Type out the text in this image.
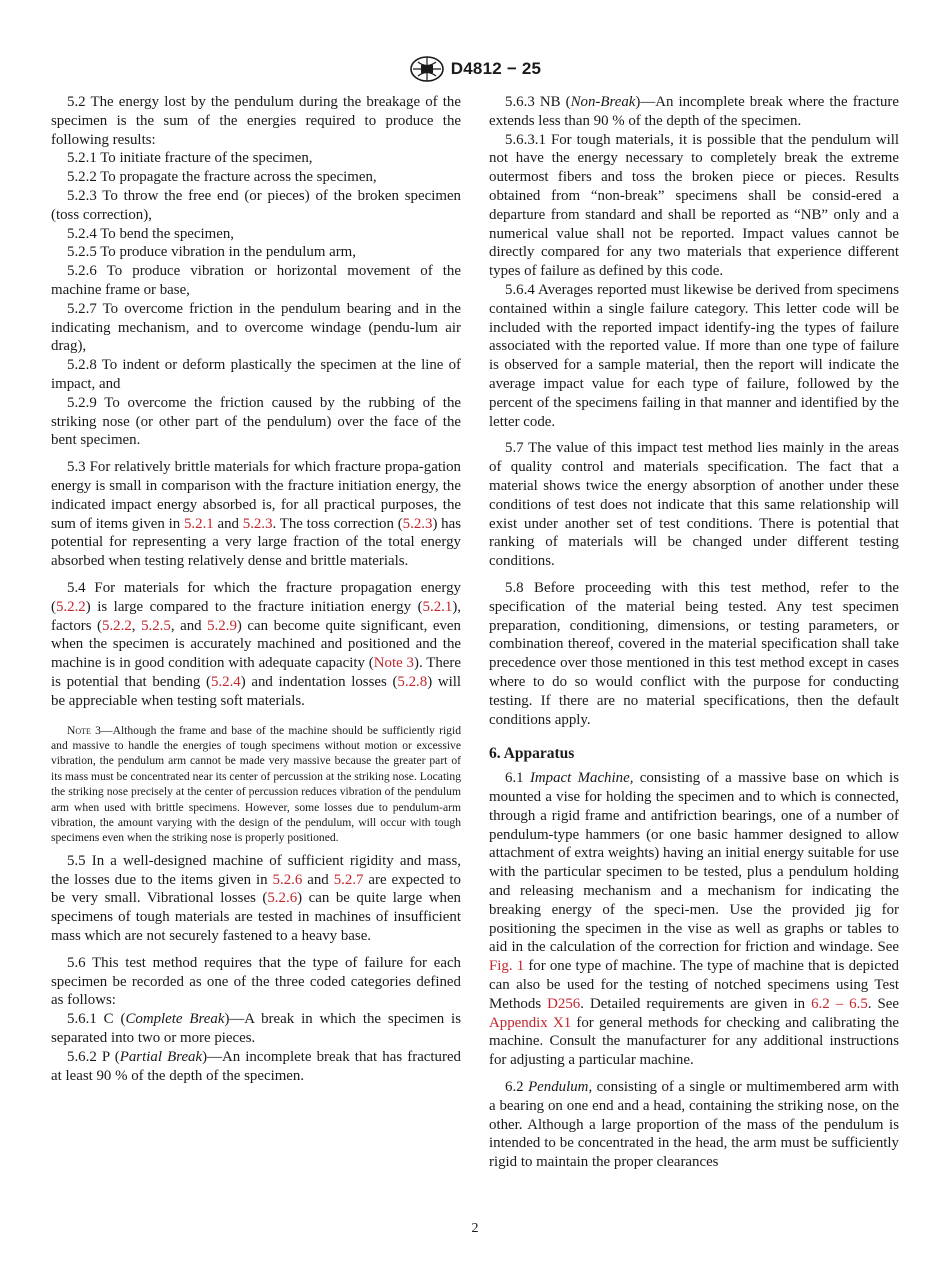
D4812 − 25

5.2 The energy lost by the pendulum during the breakage of the specimen is the sum of the energies required to produce the following results:

5.2.1 To initiate fracture of the specimen,

5.2.2 To propagate the fracture across the specimen,

5.2.3 To throw the free end (or pieces) of the broken specimen (toss correction),

5.2.4 To bend the specimen,

5.2.5 To produce vibration in the pendulum arm,

5.2.6 To produce vibration or horizontal movement of the machine frame or base,

5.2.7 To overcome friction in the pendulum bearing and in the indicating mechanism, and to overcome windage (pendu-lum air drag),

5.2.8 To indent or deform plastically the specimen at the line of impact, and

5.2.9 To overcome the friction caused by the rubbing of the striking nose (or other part of the pendulum) over the face of the bent specimen.

5.3 For relatively brittle materials for which fracture propa-gation energy is small in comparison with the fracture initiation energy, the indicated impact energy absorbed is, for all practical purposes, the sum of items given in 5.2.1 and 5.2.3. The toss correction (5.2.3) has potential for representing a very large fraction of the total energy absorbed when testing relatively dense and brittle materials.

5.4 For materials for which the fracture propagation energy (5.2.2) is large compared to the fracture initiation energy (5.2.1), factors (5.2.2, 5.2.5, and 5.2.9) can become quite significant, even when the specimen is accurately machined and positioned and the machine is in good condition with adequate capacity (Note 3). There is potential that bending (5.2.4) and indentation losses (5.2.8) will be appreciable when testing soft materials.

Note 3—Although the frame and base of the machine should be sufficiently rigid and massive to handle the energies of tough specimens without motion or excessive vibration, the pendulum arm cannot be made very massive because the greater part of its mass must be concentrated near its center of percussion at the striking nose. Locating the striking nose precisely at the center of percussion reduces vibration of the pendulum arm when used with brittle specimens. However, some losses due to pendulum-arm vibration, the amount varying with the design of the pendulum, will occur with tough specimens even when the striking nose is properly positioned.

5.5 In a well-designed machine of sufficient rigidity and mass, the losses due to the items given in 5.2.6 and 5.2.7 are expected to be very small. Vibrational losses (5.2.6) can be quite large when specimens of tough materials are tested in machines of insufficient mass which are not securely fastened to a heavy base.

5.6 This test method requires that the type of failure for each specimen be recorded as one of the three coded categories defined as follows:

5.6.1 C (Complete Break)—A break in which the specimen is separated into two or more pieces.

5.6.2 P (Partial Break)—An incomplete break that has fractured at least 90 % of the depth of the specimen.

5.6.3 NB (Non-Break)—An incomplete break where the fracture extends less than 90 % of the depth of the specimen.

5.6.3.1 For tough materials, it is possible that the pendulum will not have the energy necessary to completely break the extreme outermost fibers and toss the broken piece or pieces. Results obtained from “non-break” specimens shall be consid-ered a departure from standard and shall be reported as “NB” only and a numerical value shall not be reported. Impact values cannot be directly compared for any two materials that experience different types of failure as defined by this code.

5.6.4 Averages reported must likewise be derived from specimens contained within a single failure category. This letter code will be included with the reported impact identify-ing the types of failure associated with the reported value. If more than one type of failure is observed for a sample material, then the report will indicate the average impact value for each type of failure, followed by the percent of the specimens failing in that manner and identified by the letter code.

5.7 The value of this impact test method lies mainly in the areas of quality control and materials specification. The fact that a material shows twice the energy absorption of another under these conditions of test does not indicate that this same relationship will exist under another set of test conditions. There is potential that ranking of materials will be changed under different testing conditions.

5.8 Before proceeding with this test method, refer to the specification of the material being tested. Any test specimen preparation, conditioning, dimensions, or testing parameters, or combination thereof, covered in the material specification shall take precedence over those mentioned in this test method except in cases where to do so would conflict with the purpose for conducting testing. If there are no material specifications, then the default conditions apply.

6. Apparatus

6.1 Impact Machine, consisting of a massive base on which is mounted a vise for holding the specimen and to which is connected, through a rigid frame and antifriction bearings, one of a number of pendulum-type hammers (or one basic hammer designed to allow attachment of extra weights) having an initial energy suitable for use with the particular specimen to be tested, plus a pendulum holding and releasing mechanism and a mechanism for indicating the breaking energy of the speci-men. Use the provided jig for positioning the specimen in the vise as well as graphs or tables to aid in the calculation of the correction for friction and windage. See Fig. 1 for one type of machine. The type of machine that is depicted can also be used for the testing of notched specimens using Test Methods D256. Detailed requirements are given in 6.2 – 6.5. See Appendix X1 for general methods for checking and calibrating the machine. Consult the manufacturer for any additional instructions for adjusting a particular machine.

6.2 Pendulum, consisting of a single or multimembered arm with a bearing on one end and a head, containing the striking nose, on the other. Although a large proportion of the mass of the pendulum is intended to be concentrated in the head, the arm must be sufficiently rigid to maintain the proper clearances

2
